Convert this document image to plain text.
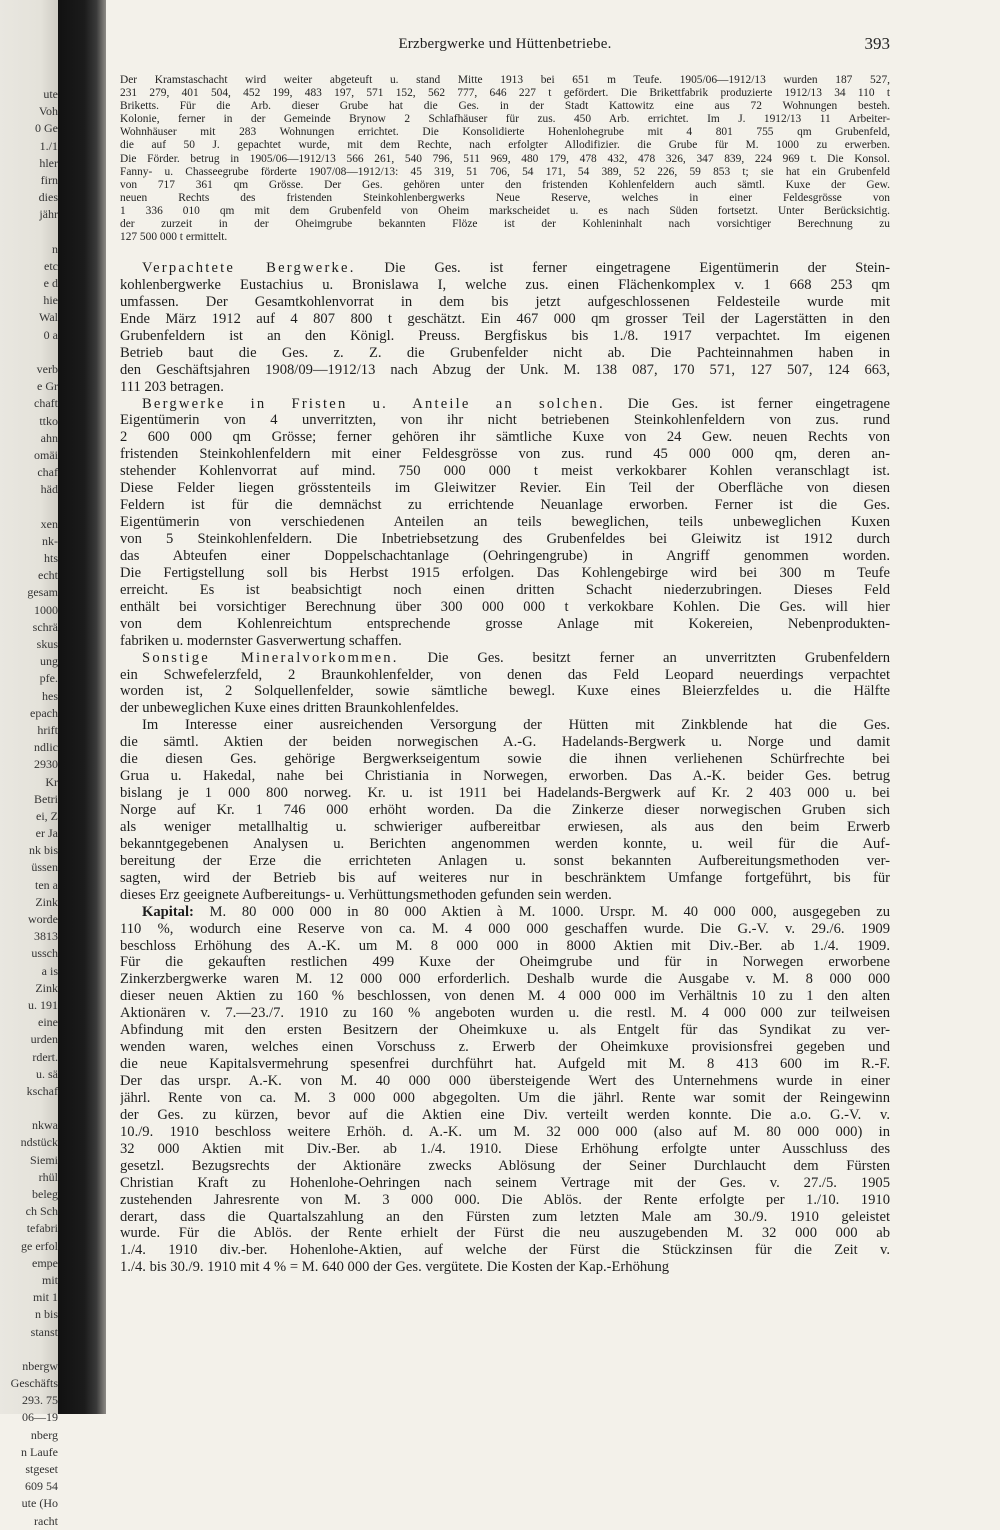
ute
Voh
0 Ge
1./1
hler
firn
dies
jähr
n
etc
e d
hie
Wal
0 a
verb
e Gr
chaft
ttko
ahn
omäi
chaf
häd
xen
nk-
hts
echt
gesam
1000
schrä
skus
ung
pfe.
hes
epach
hrift
ndlic
2930
Kr
Betri
ei, Z
er Ja
nk bis
üssen
ten a
Zink
worde
3813
ussch
a is
Zink
u. 191
eine
urden
rdert.
u. sä
kschaf
nkwa
ndstück
Siemi
rhül
beleg
ch Sch
tefabri
ge erfol
empe
mit
mit 1
n bis
stanst
nbergw
Geschäfts
293. 75
06—19
nberg
n Laufe
stgeset
609 54
ute (Ho
racht
Erzbergwerke und Hüttenbetriebe.	393
Der Kramstaschacht wird weiter abgeteuft u. stand Mitte 1913 bei 651 m Teufe. 1905/06—1912/13 wurden 187 527,
231 279, 401 504, 452 199, 483 197, 571 152, 562 777, 646 227 t gefördert. Die Brikettfabrik produzierte 1912/13 34 110 t
Briketts. Für die Arb. dieser Grube hat die Ges. in der Stadt Kattowitz eine aus 72 Wohnungen besteh.
Kolonie, ferner in der Gemeinde Brynow 2 Schlafhäuser für zus. 450 Arb. errichtet. Im J. 1912/13 11 Arbeiter-
Wohnhäuser mit 283 Wohnungen errichtet. Die Konsolidierte Hohenlohegrube mit 4 801 755 qm Grubenfeld,
die auf 50 J. gepachtet wurde, mit dem Rechte, nach erfolgter Allodifizier. die Grube für M. 1000 zu erwerben.
Die Förder. betrug in 1905/06—1912/13 566 261, 540 796, 511 969, 480 179, 478 432, 478 326, 347 839, 224 969 t. Die Konsol.
Fanny- u. Chasseegrube förderte 1907/08—1912/13: 45 319, 51 706, 54 171, 54 389, 52 226, 59 853 t; sie hat ein Grubenfeld
von 717 361 qm Grösse. Der Ges. gehören unter den fristenden Kohlenfeldern auch sämtl. Kuxe der Gew.
neuen Rechts des fristenden Steinkohlenbergwerks Neue Reserve, welches in einer Feldesgrösse von
1 336 010 qm mit dem Grubenfeld von Oheim markscheidet u. es nach Süden fortsetzt. Unter Berücksichtig.
der zurzeit in der Oheimgrube bekannten Flöze ist der Kohleninhalt nach vorsichtiger Berechnung zu
127 500 000 t ermittelt.
Verpachtete Bergwerke. Die Ges. ist ferner eingetragene Eigentümerin der Stein-
kohlenbergwerke Eustachius u. Bronislawa I, welche zus. einen Flächenkomplex v. 1 668 253 qm
umfassen. Der Gesamtkohlenvorrat in dem bis jetzt aufgeschlossenen Feldesteile wurde mit
Ende März 1912 auf 4 807 800 t geschätzt. Ein 467 000 qm grosser Teil der Lagerstätten in den
Grubenfeldern ist an den Königl. Preuss. Bergfiskus bis 1./8. 1917 verpachtet. Im eigenen
Betrieb baut die Ges. z. Z. die Grubenfelder nicht ab. Die Pachteinnahmen haben in
den Geschäftsjahren 1908/09—1912/13 nach Abzug der Unk. M. 138 087, 170 571, 127 507, 124 663,
111 203 betragen.
Bergwerke in Fristen u. Anteile an solchen. Die Ges. ist ferner eingetragene
Eigentümerin von 4 unverritzten, von ihr nicht betriebenen Steinkohlenfeldern von zus. rund
2 600 000 qm Grösse; ferner gehören ihr sämtliche Kuxe von 24 Gew. neuen Rechts von
fristenden Steinkohlenfeldern mit einer Feldesgrösse von zus. rund 45 000 000 qm, deren an-
stehender Kohlenvorrat auf mind. 750 000 000 t meist verkokbarer Kohlen veranschlagt ist.
Diese Felder liegen grösstenteils im Gleiwitzer Revier. Ein Teil der Oberfläche von diesen
Feldern ist für die demnächst zu errichtende Neuanlage erworben. Ferner ist die Ges.
Eigentümerin von verschiedenen Anteilen an teils beweglichen, teils unbeweglichen Kuxen
von 5 Steinkohlenfeldern. Die Inbetriebsetzung des Grubenfeldes bei Gleiwitz ist 1912 durch
das Abteufen einer Doppelschachtanlage (Oehringengrube) in Angriff genommen worden.
Die Fertigstellung soll bis Herbst 1915 erfolgen. Das Kohlengebirge wird bei 300 m Teufe
erreicht. Es ist beabsichtigt noch einen dritten Schacht niederzubringen. Dieses Feld
enthält bei vorsichtiger Berechnung über 300 000 000 t verkokbare Kohlen. Die Ges. will hier
von dem Kohlenreichtum entsprechende grosse Anlage mit Kokereien, Nebenprodukten-
fabriken u. modernster Gasverwertung schaffen.
Sonstige Mineralvorkommen. Die Ges. besitzt ferner an unverritzten Grubenfeldern
ein Schwefelerzfeld, 2 Braunkohlenfelder, von denen das Feld Leopard neuerdings verpachtet
worden ist, 2 Solquellenfelder, sowie sämtliche bewegl. Kuxe eines Bleierzfeldes u. die Hälfte
der unbeweglichen Kuxe eines dritten Braunkohlenfeldes.
Im Interesse einer ausreichenden Versorgung der Hütten mit Zinkblende hat die Ges.
die sämtl. Aktien der beiden norwegischen A.-G. Hadelands-Bergwerk u. Norge und damit
die diesen Ges. gehörige Bergwerkseigentum sowie die ihnen verliehenen Schürfrechte bei
Grua u. Hakedal, nahe bei Christiania in Norwegen, erworben. Das A.-K. beider Ges. betrug
bislang je 1 000 800 norweg. Kr. u. ist 1911 bei Hadelands-Bergwerk auf Kr. 2 403 000 u. bei
Norge auf Kr. 1 746 000 erhöht worden. Da die Zinkerze dieser norwegischen Gruben sich
als weniger metallhaltig u. schwieriger aufbereitbar erwiesen, als aus den beim Erwerb
bekanntgegebenen Analysen u. Berichten angenommen werden konnte, u. weil für die Auf-
bereitung der Erze die errichteten Anlagen u. sonst bekannten Aufbereitungsmethoden ver-
sagten, wird der Betrieb bis auf weiteres nur in beschränktem Umfange fortgeführt, bis für
dieses Erz geeignete Aufbereitungs- u. Verhüttungsmethoden gefunden sein werden.
Kapital: M. 80 000 000 in 80 000 Aktien à M. 1000. Urspr. M. 40 000 000, ausgegeben zu
110 %, wodurch eine Reserve von ca. M. 4 000 000 geschaffen wurde. Die G.-V. v. 29./6. 1909
beschloss Erhöhung des A.-K. um M. 8 000 000 in 8000 Aktien mit Div.-Ber. ab 1./4. 1909.
Für die gekauften restlichen 499 Kuxe der Oheimgrube und für in Norwegen erworbene
Zinkerzbergwerke waren M. 12 000 000 erforderlich. Deshalb wurde die Ausgabe v. M. 8 000 000
dieser neuen Aktien zu 160 % beschlossen, von denen M. 4 000 000 im Verhältnis 10 zu 1 den alten
Aktionären v. 7.—23./7. 1910 zu 160 % angeboten wurden u. die restl. M. 4 000 000 zur teilweisen
Abfindung mit den ersten Besitzern der Oheimkuxe u. als Entgelt für das Syndikat zu ver-
wenden waren, welches einen Vorschuss z. Erwerb der Oheimkuxe provisionsfrei gegeben und
die neue Kapitalsvermehrung spesenfrei durchführt hat. Aufgeld mit M. 8 413 600 im R.-F.
Der das urspr. A.-K. von M. 40 000 000 übersteigende Wert des Unternehmens wurde in einer
jährl. Rente von ca. M. 3 000 000 abgegolten. Um die jährl. Rente war somit der Reingewinn
der Ges. zu kürzen, bevor auf die Aktien eine Div. verteilt werden konnte. Die a.o. G.-V. v.
10./9. 1910 beschloss weitere Erhöh. d. A.-K. um M. 32 000 000 (also auf M. 80 000 000) in
32 000 Aktien mit Div.-Ber. ab 1./4. 1910. Diese Erhöhung erfolgte unter Ausschluss des
gesetzl. Bezugsrechts der Aktionäre zwecks Ablösung der Seiner Durchlaucht dem Fürsten
Christian Kraft zu Hohenlohe-Oehringen nach seinem Vertrage mit der Ges. v. 27./5. 1905
zustehenden Jahresrente von M. 3 000 000. Die Ablös. der Rente erfolgte per 1./10. 1910
derart, dass die Quartalszahlung an den Fürsten zum letzten Male am 30./9. 1910 geleistet
wurde. Für die Ablös. der Rente erhielt der Fürst die neu auszugebenden M. 32 000 000 ab
1./4. 1910 div.-ber. Hohenlohe-Aktien, auf welche der Fürst die Stückzinsen für die Zeit v.
1./4. bis 30./9. 1910 mit 4 % = M. 640 000 der Ges. vergütete. Die Kosten der Kap.-Erhöhung
